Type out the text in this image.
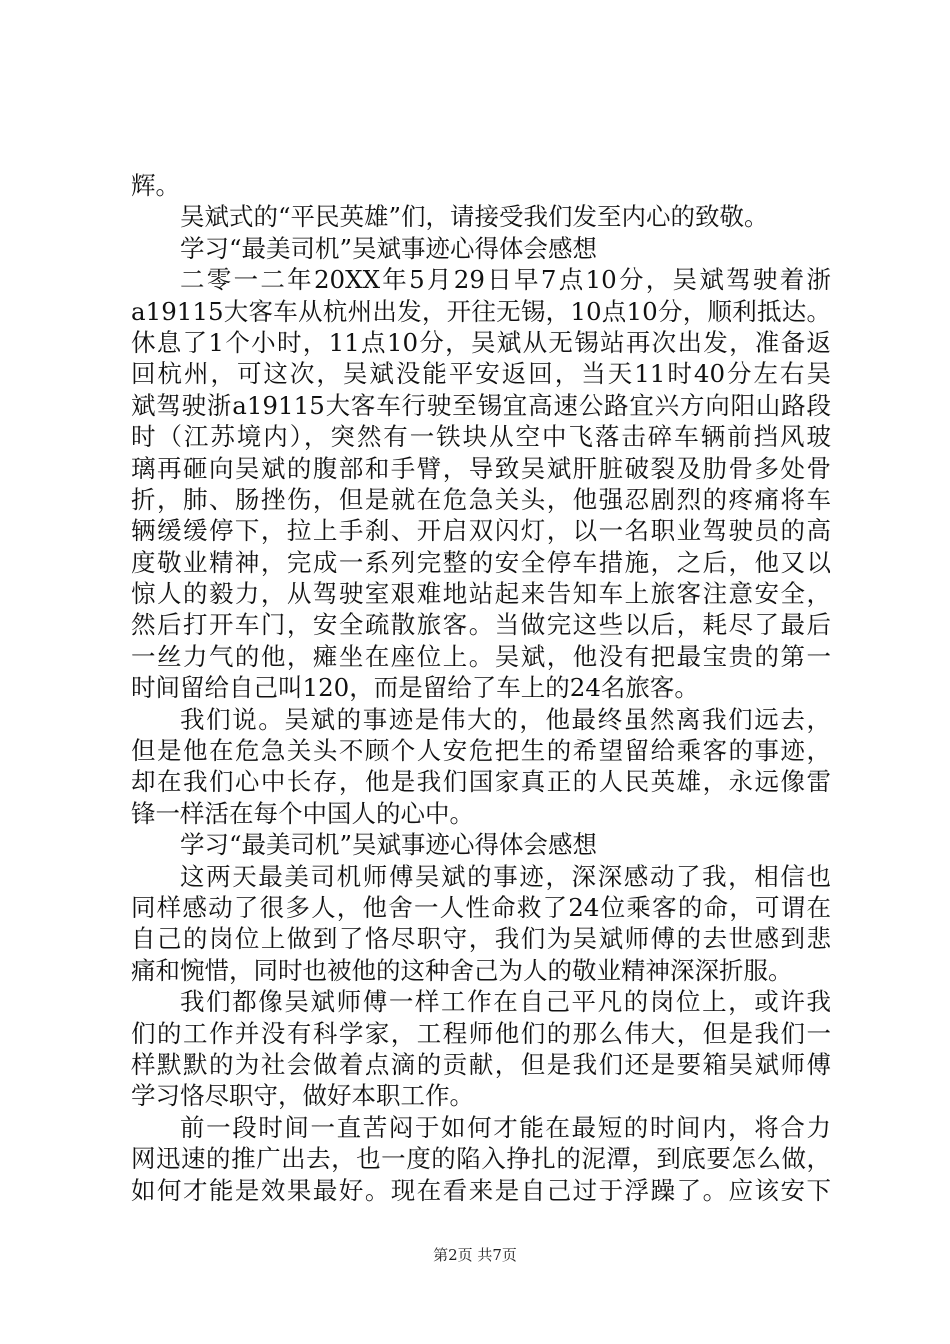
辉。
吴斌式的“平民英雄”们，请接受我们发至内心的致敬。
学习“最美司机”吴斌事迹心得体会感想
二零一二年20XX年5月29日早7点10分，吴斌驾驶着浙
a19115大客车从杭州出发，开往无锡，10点10分，顺利抵达。
休息了1个小时，11点10分，吴斌从无锡站再次出发，准备返
回杭州，可这次，吴斌没能平安返回，当天11时40分左右吴
斌驾驶浙a19115大客车行驶至锡宜高速公路宜兴方向阳山路段
时（江苏境内），突然有一铁块从空中飞落击碎车辆前挡风玻
璃再砸向吴斌的腹部和手臂，导致吴斌肝脏破裂及肋骨多处骨
折，肺、肠挫伤，但是就在危急关头，他强忍剧烈的疼痛将车
辆缓缓停下，拉上手刹、开启双闪灯，以一名职业驾驶员的高
度敬业精神，完成一系列完整的安全停车措施，之后，他又以
惊人的毅力，从驾驶室艰难地站起来告知车上旅客注意安全，
然后打开车门，安全疏散旅客。当做完这些以后，耗尽了最后
一丝力气的他，瘫坐在座位上。吴斌，他没有把最宝贵的第一
时间留给自己叫120，而是留给了车上的24名旅客。
我们说。吴斌的事迹是伟大的，他最终虽然离我们远去，
但是他在危急关头不顾个人安危把生的希望留给乘客的事迹，
却在我们心中长存，他是我们国家真正的人民英雄，永远像雷
锋一样活在每个中国人的心中。
学习“最美司机”吴斌事迹心得体会感想
这两天最美司机师傅吴斌的事迹，深深感动了我，相信也
同样感动了很多人，他舍一人性命救了24位乘客的命，可谓在
自己的岗位上做到了恪尽职守，我们为吴斌师傅的去世感到悲
痛和惋惜，同时也被他的这种舍己为人的敬业精神深深折服。
我们都像吴斌师傅一样工作在自己平凡的岗位上，或许我
们的工作并没有科学家，工程师他们的那么伟大，但是我们一
样默默的为社会做着点滴的贡献，但是我们还是要箱吴斌师傅
学习恪尽职守，做好本职工作。
前一段时间一直苦闷于如何才能在最短的时间内，将合力
网迅速的推广出去，也一度的陷入挣扎的泥潭，到底要怎么做，
如何才能是效果最好。现在看来是自己过于浮躁了。应该安下
第2页 共7页
